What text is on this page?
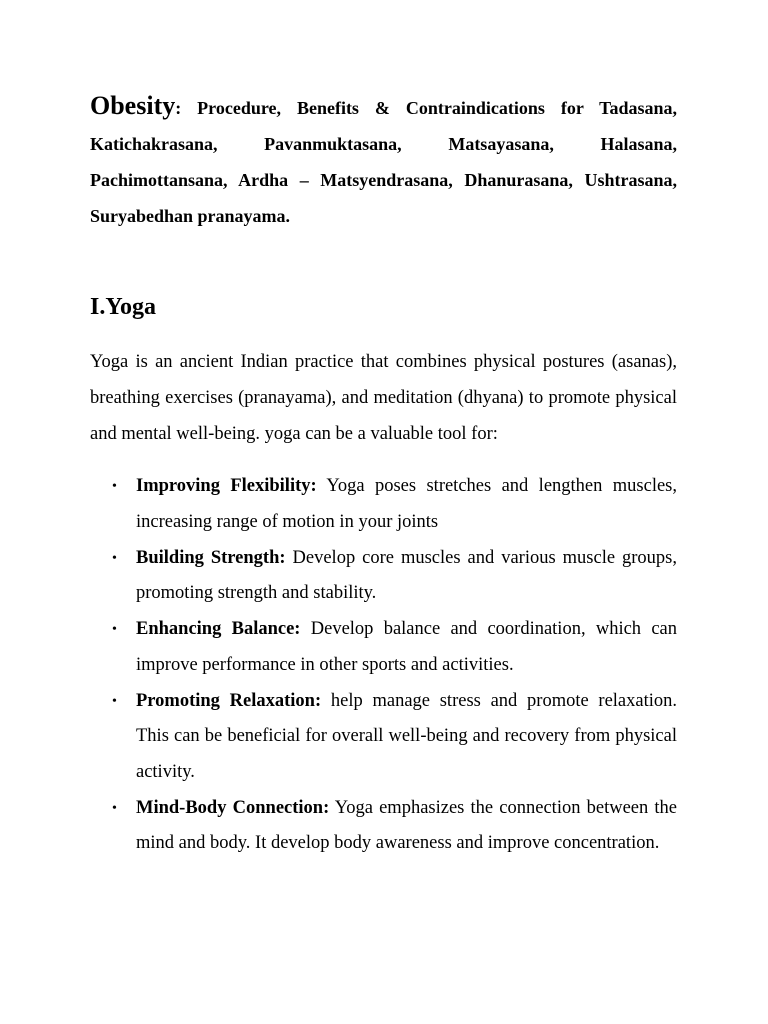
Obesity: Procedure, Benefits & Contraindications for Tadasana, Katichakrasana, Pavanmuktasana, Matsayasana, Halasana, Pachimottansana, Ardha – Matsyendrasana, Dhanurasana, Ushtrasana, Suryabedhan pranayama.

I.Yoga

Yoga is an ancient Indian practice that combines physical postures (asanas), breathing exercises (pranayama), and meditation (dhyana) to promote physical and mental well-being. yoga can be a valuable tool for:

• Improving Flexibility: Yoga poses stretches and lengthen muscles, increasing range of motion in your joints
• Building Strength: Develop core muscles and various muscle groups, promoting strength and stability.
• Enhancing Balance: Develop balance and coordination, which can improve performance in other sports and activities.
• Promoting Relaxation: help manage stress and promote relaxation. This can be beneficial for overall well-being and recovery from physical activity.
• Mind-Body Connection: Yoga emphasizes the connection between the mind and body. It develop body awareness and improve concentration.
